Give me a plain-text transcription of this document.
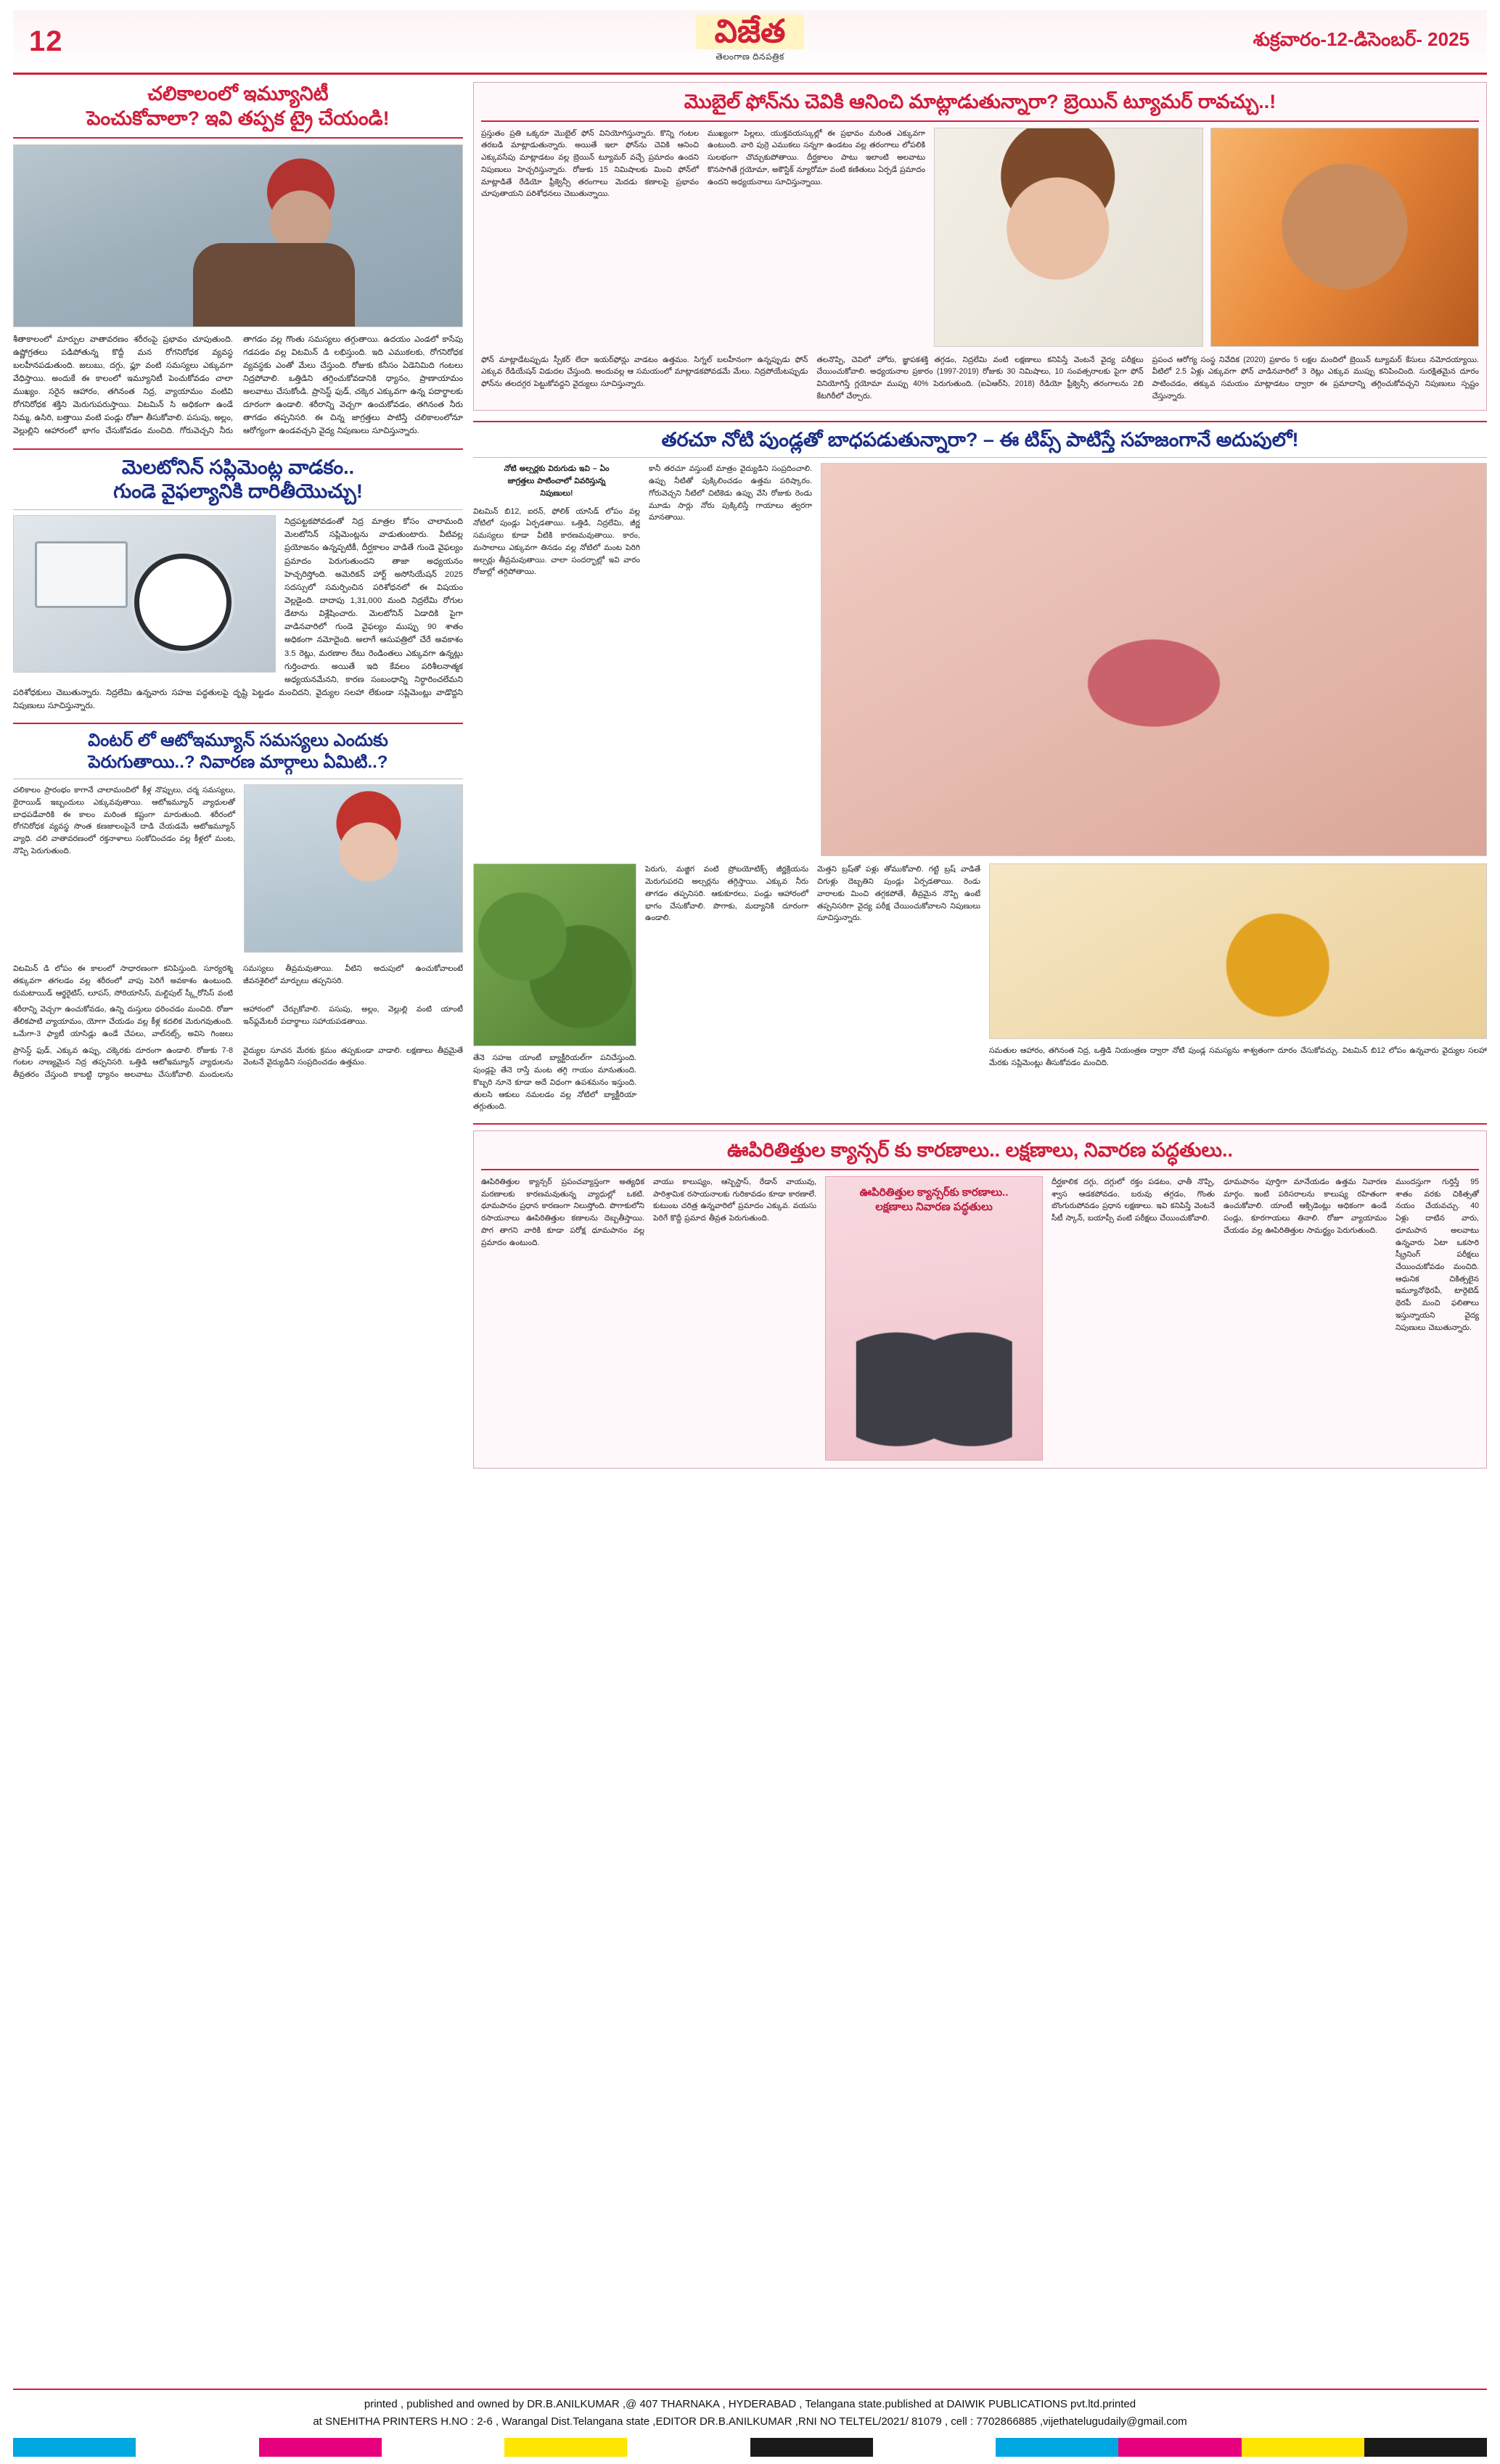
12	విజేత
తెలంగాణ దినపత్రిక
శుక్రవారం-12-డిసెంబర్- 2025
చలికాలంలో ఇమ్యూనిటీ
పెంచుకోవాలా? ఇవి తప్పక ట్రై చేయండి!
శీతాకాలంలో మార్పుల వాతావరణం శరీరంపై ప్రభావం చూపుతుంది. ఉష్ణోగ్రతలు పడిపోతున్న కొద్దీ మన రోగనిరోధక వ్యవస్థ బలహీనపడుతుంది. జలుబు, దగ్గు, ఫ్లూ వంటి సమస్యలు ఎక్కువగా వేధిస్తాయి. అందుకే ఈ కాలంలో ఇమ్యూనిటీ పెంచుకోవడం చాలా ముఖ్యం. సరైన ఆహారం, తగినంత నిద్ర, వ్యాయామం వంటివి రోగనిరోధక శక్తిని మెరుగుపరుస్తాయి. విటమిన్ సి అధికంగా ఉండే నిమ్మ, ఉసిరి, బత్తాయి వంటి పండ్లు రోజూ తీసుకోవాలి. పసుపు, అల్లం, వెల్లుల్లిని ఆహారంలో భాగం చేసుకోవడం మంచిది. గోరువెచ్చని నీరు తాగడం వల్ల గొంతు సమస్యలు తగ్గుతాయి. ఉదయం ఎండలో కాసేపు గడపడం వల్ల విటమిన్ డి లభిస్తుంది. ఇది ఎముకలకు, రోగనిరోధక వ్యవస్థకు ఎంతో మేలు చేస్తుంది. రోజుకు కనీసం ఏడెనిమిది గంటలు నిద్రపోవాలి. ఒత్తిడిని తగ్గించుకోవడానికి ధ్యానం, ప్రాణాయామం అలవాటు చేసుకోండి. ప్రాసెస్డ్ ఫుడ్, చక్కెర ఎక్కువగా ఉన్న పదార్థాలకు దూరంగా ఉండాలి. శరీరాన్ని వెచ్చగా ఉంచుకోవడం, తగినంత నీరు తాగడం తప్పనిసరి. ఈ చిన్న జాగ్రత్తలు పాటిస్తే చలికాలంలోనూ ఆరోగ్యంగా ఉండవచ్చని వైద్య నిపుణులు సూచిస్తున్నారు.
మెలటోనిన్ సప్లిమెంట్ల వాడకం..
గుండె వైఫల్యానికి దారితీయొచ్చు!
నిద్రపట్టకపోవడంతో నిద్ర మాత్రల కోసం చాలామంది మెలటోనిన్ సప్లిమెంట్లను వాడుతుంటారు. వీటివల్ల ప్రయోజనం ఉన్నప్పటికీ, దీర్ఘకాలం వాడితే గుండె వైఫల్యం ప్రమాదం పెరుగుతుందని తాజా అధ్యయనం హెచ్చరిస్తోంది. అమెరికన్ హార్ట్ అసోసియేషన్ 2025 సదస్సులో సమర్పించిన పరిశోధనలో ఈ విషయం వెల్లడైంది. దాదాపు 1,31,000 మంది నిద్రలేమి రోగుల డేటాను విశ్లేషించారు. మెలటోనిన్ ఏడాదికి పైగా వాడినవారిలో గుండె వైఫల్యం ముప్పు 90 శాతం అధికంగా నమోదైంది. అలాగే ఆసుపత్రిలో చేరే అవకాశం 3.5 రెట్లు, మరణాల రేటు రెండింతలు ఎక్కువగా ఉన్నట్లు గుర్తించారు. అయితే ఇది కేవలం పరిశీలనాత్మక అధ్యయనమేనని, కారణ సంబంధాన్ని నిర్ధారించలేమని పరిశోధకులు చెబుతున్నారు. నిద్రలేమి ఉన్నవారు సహజ పద్ధతులపై దృష్టి పెట్టడం మంచిదని, వైద్యుల సలహా లేకుండా సప్లిమెంట్లు వాడొద్దని నిపుణులు సూచిస్తున్నారు.
వింటర్ లో ఆటోఇమ్యూన్ సమస్యలు ఎందుకు
పెరుగుతాయి..? నివారణ మార్గాలు ఏమిటి..?
చలికాలం ప్రారంభం కాగానే చాలామందిలో కీళ్ల నొప్పులు, చర్మ సమస్యలు, థైరాయిడ్ ఇబ్బందులు ఎక్కువవుతాయి. ఆటోఇమ్యూన్ వ్యాధులతో బాధపడేవారికి ఈ కాలం మరింత కష్టంగా మారుతుంది. శరీరంలో రోగనిరోధక వ్యవస్థ సొంత కణజాలంపైనే దాడి చేయడమే ఆటోఇమ్యూన్ వ్యాధి. చలి వాతావరణంలో రక్తనాళాలు సంకోచించడం వల్ల కీళ్లలో మంట, నొప్పి పెరుగుతుంది.
విటమిన్ డి లోపం ఈ కాలంలో సాధారణంగా కనిపిస్తుంది. సూర్యరశ్మి తక్కువగా తగలడం వల్ల శరీరంలో వాపు పెరిగే అవకాశం ఉంటుంది. రుమటాయిడ్ ఆర్థరైటిస్, లూపస్, సోరియాసిస్, మల్టిపుల్ స్క్లీరోసిస్ వంటి సమస్యలు తీవ్రమవుతాయి. వీటిని అదుపులో ఉంచుకోవాలంటే జీవనశైలిలో మార్పులు తప్పనిసరి.
శరీరాన్ని వెచ్చగా ఉంచుకోవడం, ఉన్ని దుస్తులు ధరించడం మంచిది. రోజూ తేలికపాటి వ్యాయామం, యోగా చేయడం వల్ల కీళ్ల కదలిక మెరుగవుతుంది. ఒమేగా-3 ఫ్యాటీ యాసిడ్లు ఉండే చేపలు, వాల్‌నట్స్, అవిసె గింజలు ఆహారంలో చేర్చుకోవాలి. పసుపు, అల్లం, వెల్లుల్లి వంటి యాంటీ ఇన్‌ఫ్లమేటరీ పదార్థాలు సహాయపడతాయి.
ప్రాసెస్డ్ ఫుడ్, ఎక్కువ ఉప్పు, చక్కెరకు దూరంగా ఉండాలి. రోజుకు 7-8 గంటల నాణ్యమైన నిద్ర తప్పనిసరి. ఒత్తిడి ఆటోఇమ్యూన్ వ్యాధులను తీవ్రతరం చేస్తుంది కాబట్టి ధ్యానం అలవాటు చేసుకోవాలి. మందులను వైద్యుల సూచన మేరకు క్రమం తప్పకుండా వాడాలి. లక్షణాలు తీవ్రమైతే వెంటనే వైద్యుడిని సంప్రదించడం ఉత్తమం.
మొబైల్ ఫోన్‌ను చెవికి ఆనించి మాట్లాడుతున్నారా? బ్రెయిన్ ట్యూమర్ రావచ్చు..!
ప్రస్తుతం ప్రతి ఒక్కరూ మొబైల్ ఫోన్ వినియోగిస్తున్నారు. కొన్ని గంటల తరబడి మాట్లాడుతున్నారు. అయితే ఇలా ఫోన్‌ను చెవికి ఆనించి ఎక్కువసేపు మాట్లాడటం వల్ల బ్రెయిన్ ట్యూమర్ వచ్చే ప్రమాదం ఉందని నిపుణులు హెచ్చరిస్తున్నారు. రోజుకు 15 నిమిషాలకు మించి ఫోన్‌లో మాట్లాడితే రేడియో ఫ్రీక్వెన్సీ తరంగాలు మెదడు కణాలపై ప్రభావం చూపుతాయని పరిశోధనలు చెబుతున్నాయి.
ముఖ్యంగా పిల్లలు, యుక్తవయస్కుల్లో ఈ ప్రభావం మరింత ఎక్కువగా ఉంటుంది. వారి పుర్రె ఎముకలు సన్నగా ఉండటం వల్ల తరంగాలు లోపలికి సులభంగా చొచ్చుకుపోతాయి. దీర్ఘకాలం పాటు ఇలాంటి అలవాటు కొనసాగితే గ్లయోమా, అకౌస్టిక్ న్యూరోమా వంటి కణితులు ఏర్పడే ప్రమాదం ఉందని అధ్యయనాలు సూచిస్తున్నాయి.
ఫోన్ మాట్లాడేటప్పుడు స్పీకర్ లేదా ఇయర్‌ఫోన్లు వాడటం ఉత్తమం. సిగ్నల్ బలహీనంగా ఉన్నప్పుడు ఫోన్ ఎక్కువ రేడియేషన్ విడుదల చేస్తుంది. అందువల్ల ఆ సమయంలో మాట్లాడకపోవడమే మేలు. నిద్రపోయేటప్పుడు ఫోన్‌ను తలదగ్గర పెట్టుకోవద్దని వైద్యులు సూచిస్తున్నారు.
తలనొప్పి, చెవిలో హోరు, జ్ఞాపకశక్తి తగ్గడం, నిద్రలేమి వంటి లక్షణాలు కనిపిస్తే వెంటనే వైద్య పరీక్షలు చేయించుకోవాలి. అధ్యయనాల ప్రకారం (1997-2019) రోజుకు 30 నిమిషాలు, 10 సంవత్సరాలకు పైగా ఫోన్ వినియోగిస్తే గ్లయోమా ముప్పు 40% పెరుగుతుంది. (ఐఏఆర్‌సి, 2018) రేడియో ఫ్రీక్వెన్సీ తరంగాలను 2బి కేటగిరీలో చేర్చారు.
ప్రపంచ ఆరోగ్య సంస్థ నివేదిక (2020) ప్రకారం 5 లక్షల మందిలో బ్రెయిన్ ట్యూమర్ కేసులు నమోదయ్యాయి. వీటిలో 2.5 ఏళ్లు ఎక్కువగా ఫోన్ వాడినవారిలో 3 రెట్లు ఎక్కువ ముప్పు కనిపించింది. సురక్షితమైన దూరం పాటించడం, తక్కువ సమయం మాట్లాడటం ద్వారా ఈ ప్రమాదాన్ని తగ్గించుకోవచ్చని నిపుణులు స్పష్టం చేస్తున్నారు.
తరచూ నోటి పుండ్లతో బాధపడుతున్నారా? – ఈ టిప్స్ పాటిస్తే సహజంగానే అదుపులో!
నోటి అల్సర్లకు విరుగుడు ఇవి – ఏం
జాగ్రత్తలు పాటించాలో వివరిస్తున్న
నిపుణులు!
విటమిన్ బి12, ఐరన్, ఫోలిక్ యాసిడ్ లోపం వల్ల నోటిలో పుండ్లు ఏర్పడతాయి. ఒత్తిడి, నిద్రలేమి, జీర్ణ సమస్యలు కూడా వీటికి కారణమవుతాయి. కారం, మసాలాలు ఎక్కువగా తినడం వల్ల నోటిలో మంట పెరిగి అల్సర్లు తీవ్రమవుతాయి. చాలా సందర్భాల్లో ఇవి వారం రోజుల్లో తగ్గిపోతాయి.
కానీ తరచూ వస్తుంటే మాత్రం వైద్యుడిని సంప్రదించాలి. ఉప్పు నీటితో పుక్కిలించడం ఉత్తమ పరిష్కారం. గోరువెచ్చని నీటిలో చిటికెడు ఉప్పు వేసి రోజుకు రెండు మూడు సార్లు నోరు పుక్కిలిస్తే గాయాలు త్వరగా మానతాయి.
తేనె సహజ యాంటీ బ్యాక్టీరియల్‌గా పనిచేస్తుంది. పుండ్లపై తేనె రాస్తే మంట తగ్గి గాయం మానుతుంది. కొబ్బరి నూనె కూడా అదే విధంగా ఉపశమనం ఇస్తుంది. తులసి ఆకులు నమలడం వల్ల నోటిలో బ్యాక్టీరియా తగ్గుతుంది.
పెరుగు, మజ్జిగ వంటి ప్రోబయోటిక్స్ జీర్ణక్రియను మెరుగుపరచి అల్సర్లను తగ్గిస్తాయి. ఎక్కువ నీరు తాగడం తప్పనిసరి. ఆకుకూరలు, పండ్లు ఆహారంలో భాగం చేసుకోవాలి. పొగాకు, మద్యానికి దూరంగా ఉండాలి.
మెత్తని బ్రష్‌తో పళ్లు తోముకోవాలి. గట్టి బ్రష్ వాడితే చిగుళ్లు దెబ్బతిని పుండ్లు ఏర్పడతాయి. రెండు వారాలకు మించి తగ్గకపోతే, తీవ్రమైన నొప్పి ఉంటే తప్పనిసరిగా వైద్య పరీక్ష చేయించుకోవాలని నిపుణులు సూచిస్తున్నారు.
సమతుల ఆహారం, తగినంత నిద్ర, ఒత్తిడి నియంత్రణ ద్వారా నోటి పుండ్ల సమస్యను శాశ్వతంగా దూరం చేసుకోవచ్చు. విటమిన్ బి12 లోపం ఉన్నవారు వైద్యుల సలహా మేరకు సప్లిమెంట్లు తీసుకోవడం మంచిది.
ఊపిరితిత్తుల క్యాన్సర్ కు కారణాలు.. లక్షణాలు, నివారణ పద్ధతులు..
ఊపిరితిత్తుల క్యాన్సర్ ప్రపంచవ్యాప్తంగా అత్యధిక మరణాలకు కారణమవుతున్న వ్యాధుల్లో ఒకటి. ధూమపానం ప్రధాన కారణంగా నిలుస్తోంది. పొగాకులోని రసాయనాలు ఊపిరితిత్తుల కణాలను దెబ్బతీస్తాయి. పొగ తాగని వారికి కూడా పరోక్ష ధూమపానం వల్ల ప్రమాదం ఉంటుంది.
వాయు కాలుష్యం, ఆస్బెస్టాస్, రేడాన్ వాయువు, పారిశ్రామిక రసాయనాలకు గురికావడం కూడా కారణాలే. కుటుంబ చరిత్ర ఉన్నవారిలో ప్రమాదం ఎక్కువ. వయసు పెరిగే కొద్దీ ప్రమాద తీవ్రత పెరుగుతుంది.
ఊపిరితిత్తుల క్యాన్సర్‌కు కారణాలు..
లక్షణాలు నివారణ పద్ధతులు
దీర్ఘకాలిక దగ్గు, దగ్గులో రక్తం పడటం, ఛాతీ నొప్పి, శ్వాస ఆడకపోవడం, బరువు తగ్గడం, గొంతు బొంగురుపోవడం ప్రధాన లక్షణాలు. ఇవి కనిపిస్తే వెంటనే సీటీ స్కాన్, బయాప్సీ వంటి పరీక్షలు చేయించుకోవాలి.
ధూమపానం పూర్తిగా మానేయడం ఉత్తమ నివారణ మార్గం. ఇంటి పరిసరాలను కాలుష్య రహితంగా ఉంచుకోవాలి. యాంటీ ఆక్సిడెంట్లు అధికంగా ఉండే పండ్లు, కూరగాయలు తినాలి. రోజూ వ్యాయామం చేయడం వల్ల ఊపిరితిత్తుల సామర్థ్యం పెరుగుతుంది.
ముందస్తుగా గుర్తిస్తే 95 శాతం వరకు చికిత్సతో నయం చేయవచ్చు. 40 ఏళ్లు దాటిన వారు, ధూమపాన అలవాటు ఉన్నవారు ఏటా ఒకసారి స్క్రీనింగ్ పరీక్షలు చేయించుకోవడం మంచిది. ఆధునిక చికిత్సలైన ఇమ్యూనోథెరపీ, టార్గెటెడ్ థెరపీ మంచి ఫలితాలు ఇస్తున్నాయని వైద్య నిపుణులు చెబుతున్నారు.
printed , published and owned by DR.B.ANILKUMAR ,@ 407 THARNAKA , HYDERABAD , Telangana state.published at DAIWIK PUBLICATIONS pvt.ltd.printed
at SNEHITHA PRINTERS H.NO : 2-6 , Warangal Dist.Telangana state ,EDITOR DR.B.ANILKUMAR ,RNI NO TELTEL/2021/ 81079 , cell : 7702866885 ,vijethatelugudaily@gmail.com
